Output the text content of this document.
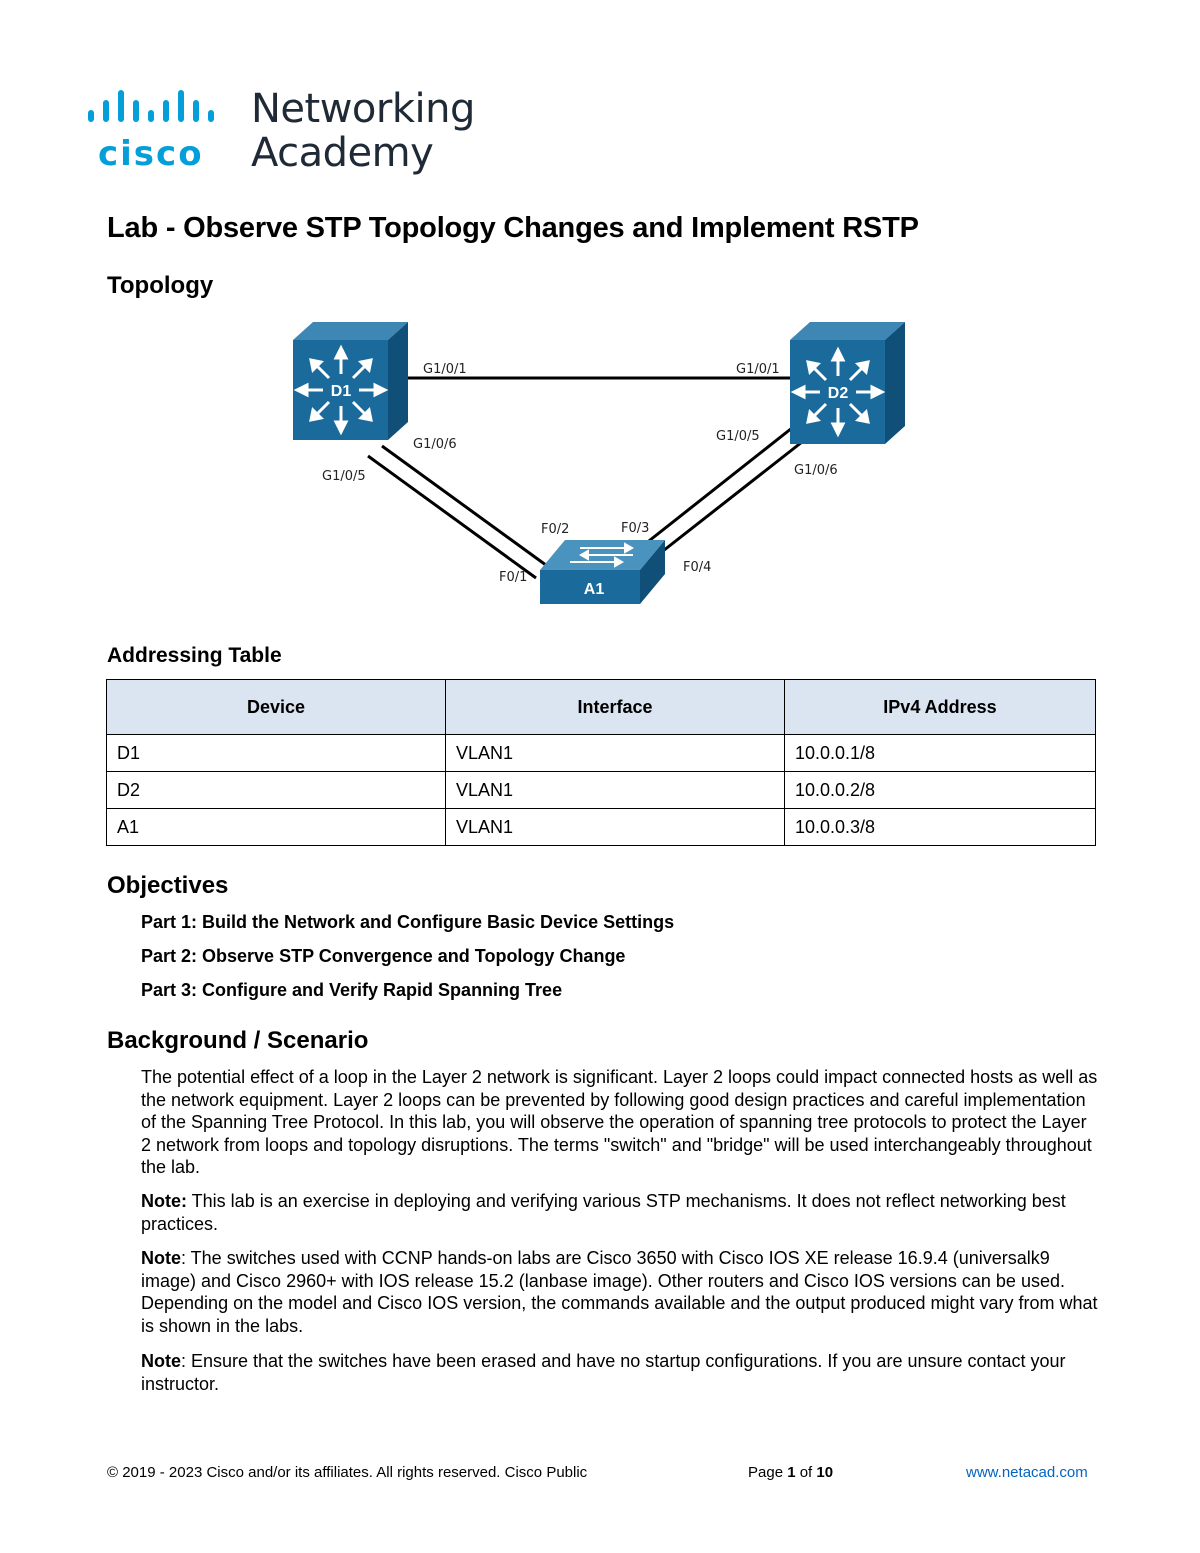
cisco
Networking
Academy
Lab - Observe STP Topology Changes and Implement RSTP
Topology
D1	D2
A1
G1/0/1	G1/0/1
G1/0/6
G1/0/5
G1/0/5
G1/0/6
F0/2	F0/3
F0/1
F0/4
Addressing Table
Device	Interface	IPv4 Address
D1	VLAN1	10.0.0.1/8
D2	VLAN1	10.0.0.2/8
A1	VLAN1	10.0.0.3/8
Objectives
Part 1: Build the Network and Configure Basic Device Settings
Part 2: Observe STP Convergence and Topology Change
Part 3: Configure and Verify Rapid Spanning Tree
Background / Scenario

The potential effect of a loop in the Layer 2 network is significant. Layer 2 loops could impact connected hosts as well as the network equipment. Layer 2 loops can be prevented by following good design practices and careful implementation of the Spanning Tree Protocol. In this lab, you will observe the operation of spanning tree protocols to protect the Layer 2 network from loops and topology disruptions. The terms "switch" and "bridge" will be used interchangeably throughout the lab.

Note: This lab is an exercise in deploying and verifying various STP mechanisms. It does not reflect networking best practices.

Note: The switches used with CCNP hands-on labs are Cisco 3650 with Cisco IOS XE release 16.9.4 (universalk9 image) and Cisco 2960+ with IOS release 15.2 (lanbase image). Other routers and Cisco IOS versions can be used. Depending on the model and Cisco IOS version, the commands available and the output produced might vary from what is shown in the labs.

Note: Ensure that the switches have been erased and have no startup configurations. If you are unsure contact your instructor.

© 2019 - 2023 Cisco and/or its affiliates. All rights reserved. Cisco Public	Page 1 of 10	www.netacad.com
